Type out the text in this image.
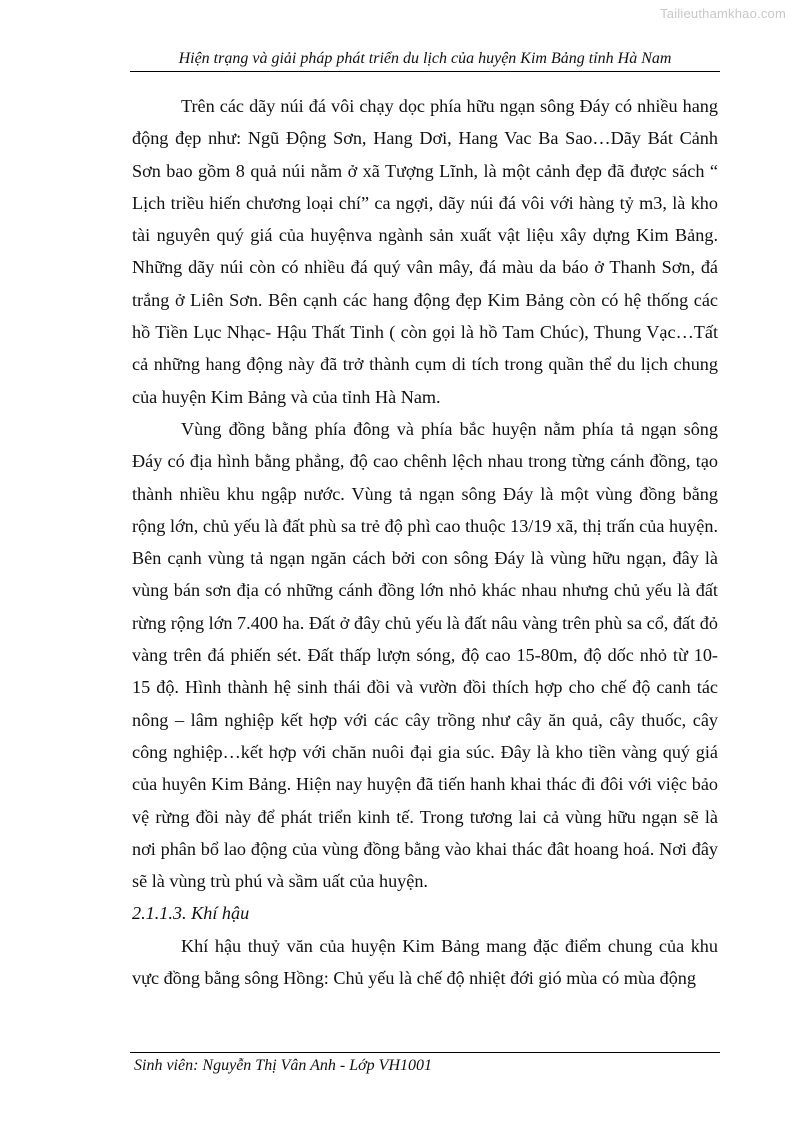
Tailieuthamkhao.com
Hiện trạng và giải pháp phát triển du lịch của huyện Kim Bảng tỉnh Hà Nam

Trên các dãy núi đá vôi chạy dọc phía hữu ngạn sông Đáy có nhiều hang động đẹp như: Ngũ Động Sơn, Hang Dơi, Hang Vac Ba Sao…Dãy Bát Cảnh Sơn bao gồm 8 quả núi nằm ở xã Tượng Lĩnh, là một cảnh đẹp đã được sách “ Lịch triều hiến chương loại chí” ca ngợi, dãy núi đá vôi với hàng tỷ m3, là kho tài nguyên quý giá của huyệnva ngành sản xuất vật liệu xây dựng Kim Bảng. Những dãy núi còn có nhiều đá quý vân mây, đá màu da báo ở Thanh Sơn, đá trắng ở Liên Sơn. Bên cạnh các hang động đẹp Kim Bảng còn có hệ thống các hồ Tiền Lục Nhạc- Hậu Thất Tinh ( còn gọi là hồ Tam Chúc), Thung Vạc…Tất cả những hang động này đã trở thành cụm di tích trong quần thể du lịch chung của huyện Kim Bảng và của tỉnh Hà Nam.

Vùng đồng bằng phía đông và phía bắc huyện nằm phía tả ngạn sông Đáy có địa hình bằng phẳng, độ cao chênh lệch nhau trong từng cánh đồng, tạo thành nhiều khu ngập nước. Vùng tả ngạn sông Đáy là một vùng đồng bằng rộng lớn, chủ yếu là đất phù sa trẻ độ phì cao thuộc 13/19 xã, thị trấn của huyện. Bên cạnh vùng tả ngạn ngăn cách bởi con sông Đáy là vùng hữu ngạn, đây là vùng bán sơn địa có những cánh đồng lớn nhỏ khác nhau nhưng chủ yếu là đất rừng rộng lớn 7.400 ha. Đất ở đây chủ yếu là đất nâu vàng trên phù sa cổ, đất đỏ vàng trên đá phiến sét. Đất thấp lượn sóng, độ cao 15-80m, độ dốc nhỏ từ 10- 15 độ. Hình thành hệ sinh thái đồi và vườn đồi thích hợp cho chế độ canh tác nông – lâm nghiệp kết hợp với các cây trồng như cây ăn quả, cây thuốc, cây công nghiệp…kết hợp với chăn nuôi đại gia súc. Đây là kho tiền vàng quý giá của huyên Kim Bảng. Hiện nay huyện đã tiến hanh khai thác đi đôi với việc bảo vệ rừng đồi này để phát triển kinh tế. Trong tương lai cả vùng hữu ngạn sẽ là nơi phân bổ lao động của vùng đồng bằng vào khai thác đât hoang hoá. Nơi đây sẽ là vùng trù phú và sầm uất của huyện.

2.1.1.3. Khí hậu

Khí hậu thuỷ văn của huyện Kim Bảng mang đặc điểm chung của khu vực đồng bằng sông Hồng: Chủ yếu là chế độ nhiệt đới gió mùa có mùa động

Sinh viên: Nguyễn Thị Vân Anh - Lớp VH1001
